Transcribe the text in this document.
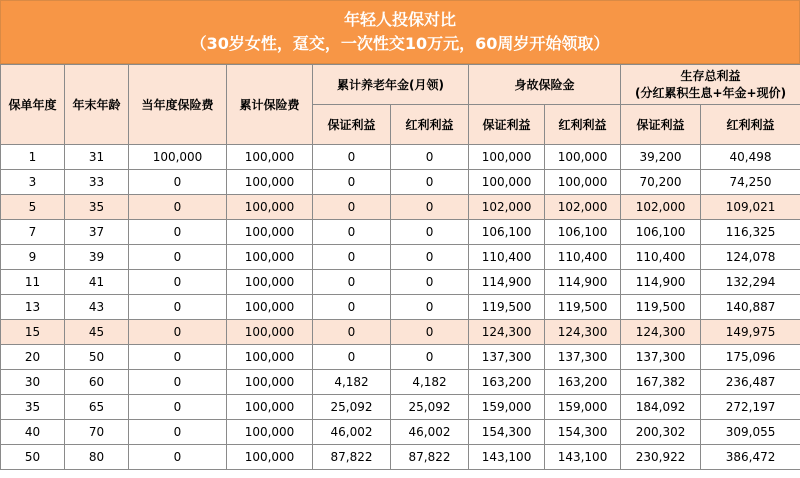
年轻人投保对比
（30岁女性，趸交，一次性交10万元，60周岁开始领取）
保单年度	年末年龄	当年度保险费	累计保险费	累计养老年金(月领)		身故保险金		生存总利益
(分红累积生息+年金+现价)	

				保证利益	红利利益	保证利益	红利利益	保证利益	红利利益
1	31	100,000	100,000	0	0	100,000	100,000	39,200	40,498
3	33	0	100,000	0	0	100,000	100,000	70,200	74,250
5	35	0	100,000	0	0	102,000	102,000	102,000	109,021
7	37	0	100,000	0	0	106,100	106,100	106,100	116,325
9	39	0	100,000	0	0	110,400	110,400	110,400	124,078
11	41	0	100,000	0	0	114,900	114,900	114,900	132,294
13	43	0	100,000	0	0	119,500	119,500	119,500	140,887
15	45	0	100,000	0	0	124,300	124,300	124,300	149,975
20	50	0	100,000	0	0	137,300	137,300	137,300	175,096
30	60	0	100,000	4,182	4,182	163,200	163,200	167,382	236,487
35	65	0	100,000	25,092	25,092	159,000	159,000	184,092	272,197
40	70	0	100,000	46,002	46,002	154,300	154,300	200,302	309,055
50	80	0	100,000	87,822	87,822	143,100	143,100	230,922	386,472
